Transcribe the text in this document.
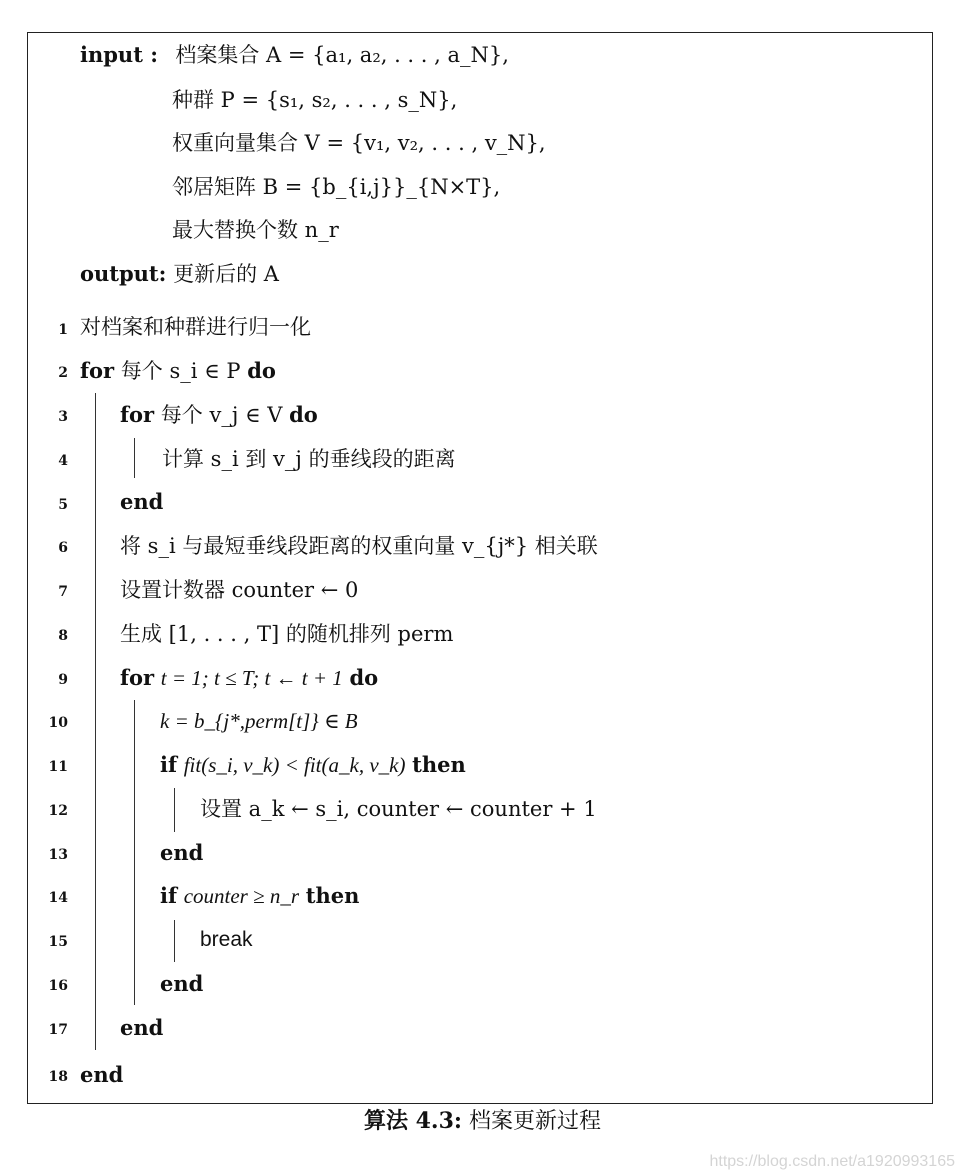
input : 档案集合 A = {a₁, a₂, . . . , a_N},
种群 P = {s₁, s₂, . . . , s_N},
权重向量集合 V = {v₁, v₂, . . . , v_N},
邻居矩阵 B = {b_{i,j}}_{N×T},
最大替换个数 n_r
output: 更新后的 A
1
2
3
4
5
6
7
8
9
10
11
12
13
14
15
16
17
18
对档案和种群进行归一化
for 每个 s_i ∈ P do
for 每个 v_j ∈ V do
计算 s_i 到 v_j 的垂线段的距离
end
将 s_i 与最短垂线段距离的权重向量 v_{j*} 相关联
设置计数器 counter ← 0
生成 [1, . . . , T] 的随机排列 perm
for t = 1; t ≤ T; t ← t + 1 do
k = b_{j*,perm[t]} ∈ B
if fit(s_i, v_k) < fit(a_k, v_k) then
设置 a_k ← s_i, counter ← counter + 1
end
if counter ≥ n_r then
break
end
end
end
算法 4.3: 档案更新过程
https://blog.csdn.net/a1920993165
